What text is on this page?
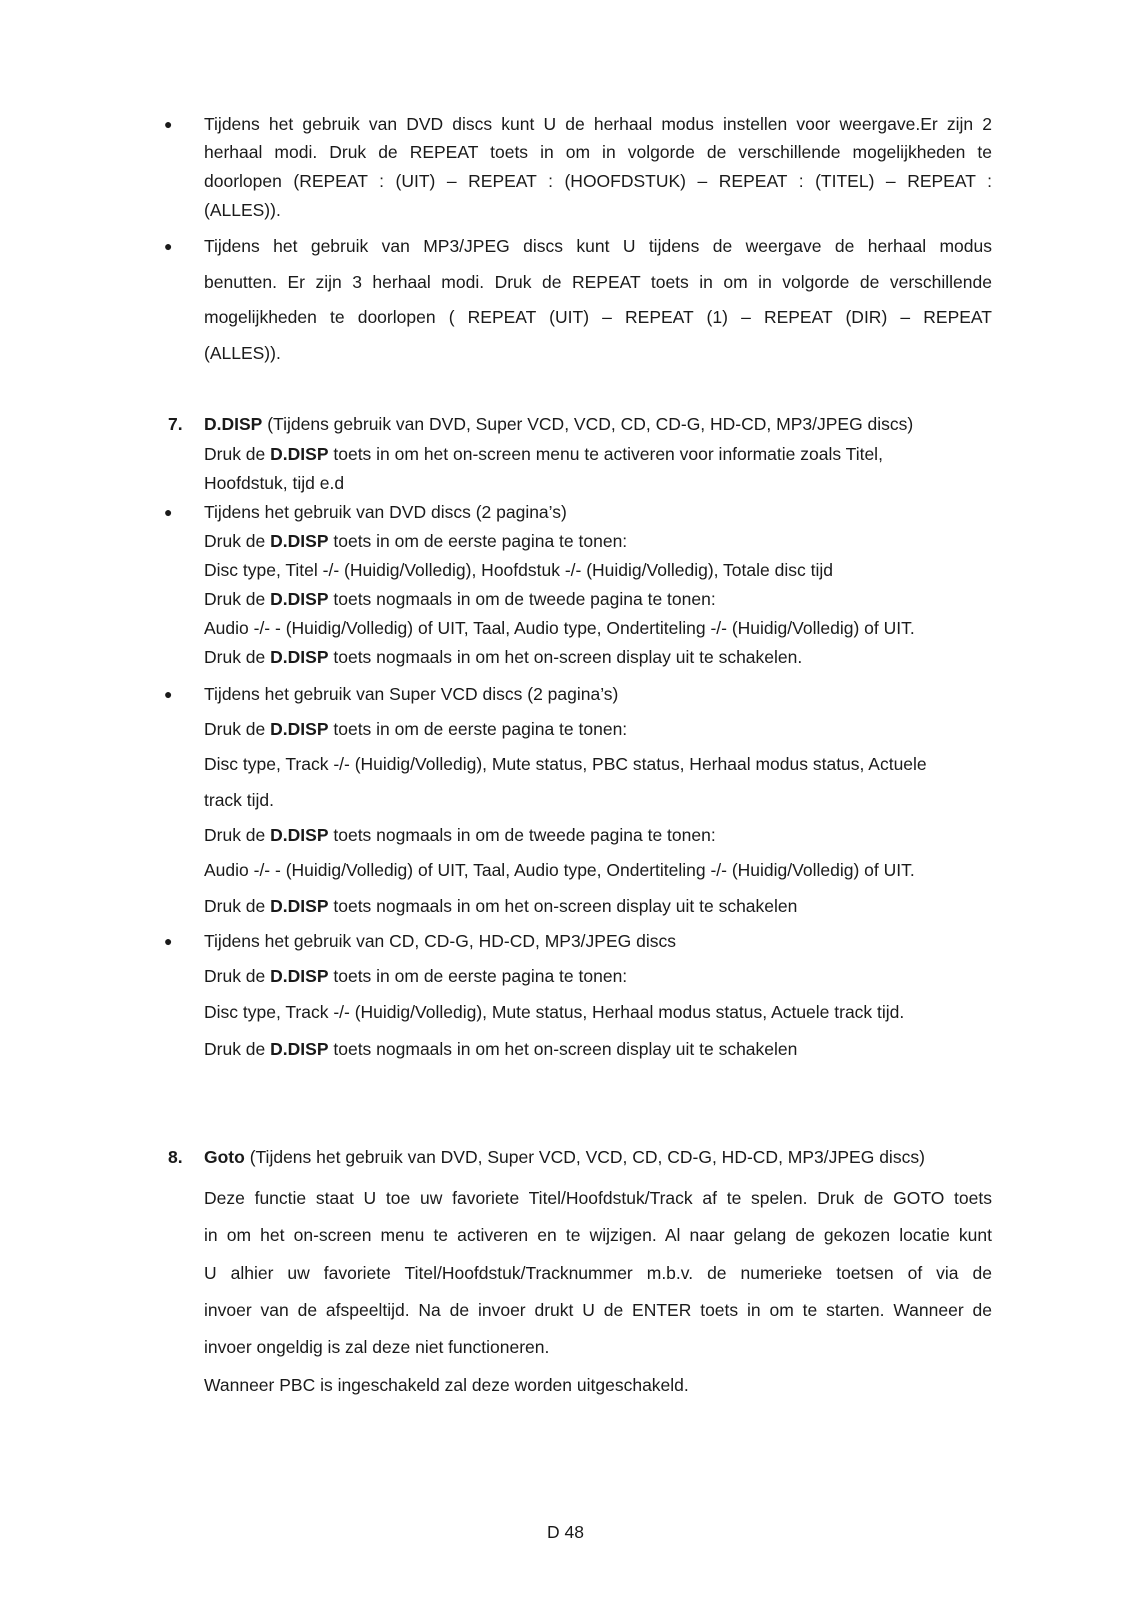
● Tijdens het gebruik van DVD discs kunt U de herhaal modus instellen voor weergave.Er zijn 2
herhaal modi. Druk de REPEAT toets in om in volgorde de verschillende mogelijkheden te
doorlopen (REPEAT : (UIT) – REPEAT : (HOOFDSTUK) – REPEAT : (TITEL) – REPEAT :
(ALLES)).
● Tijdens het gebruik van MP3/JPEG discs kunt U tijdens de weergave de herhaal modus
benutten. Er zijn 3 herhaal modi. Druk de REPEAT toets in om in volgorde de verschillende
mogelijkheden te doorlopen ( REPEAT (UIT) – REPEAT (1) – REPEAT (DIR) – REPEAT
(ALLES)).
7. D.DISP (Tijdens gebruik van DVD, Super VCD, VCD, CD, CD-G, HD-CD, MP3/JPEG discs)
Druk de D.DISP toets in om het on-screen menu te activeren voor informatie zoals Titel,
Hoofdstuk, tijd e.d
● Tijdens het gebruik van DVD discs (2 pagina’s)
Druk de D.DISP toets in om de eerste pagina te tonen:
Disc type, Titel -/- (Huidig/Volledig), Hoofdstuk -/- (Huidig/Volledig), Totale disc tijd
Druk de D.DISP toets nogmaals in om de tweede pagina te tonen:
Audio -/- - (Huidig/Volledig) of UIT, Taal, Audio type, Ondertiteling -/- (Huidig/Volledig) of UIT.
Druk de D.DISP toets nogmaals in om het on-screen display uit te schakelen.
● Tijdens het gebruik van Super VCD discs (2 pagina’s)
Druk de D.DISP toets in om de eerste pagina te tonen:
Disc type, Track -/- (Huidig/Volledig), Mute status, PBC status, Herhaal modus status, Actuele
track tijd.
Druk de D.DISP toets nogmaals in om de tweede pagina te tonen:
Audio -/- - (Huidig/Volledig) of UIT, Taal, Audio type, Ondertiteling -/- (Huidig/Volledig) of UIT.
Druk de D.DISP toets nogmaals in om het on-screen display uit te schakelen
● Tijdens het gebruik van CD, CD-G, HD-CD, MP3/JPEG discs
Druk de D.DISP toets in om de eerste pagina te tonen:
Disc type, Track -/- (Huidig/Volledig), Mute status, Herhaal modus status, Actuele track tijd.
Druk de D.DISP toets nogmaals in om het on-screen display uit te schakelen
8. Goto (Tijdens het gebruik van DVD, Super VCD, VCD, CD, CD-G, HD-CD, MP3/JPEG discs)
Deze functie staat U toe uw favoriete Titel/Hoofdstuk/Track af te spelen. Druk de GOTO toets
in om het on-screen menu te activeren en te wijzigen. Al naar gelang de gekozen locatie kunt
U alhier uw favoriete Titel/Hoofdstuk/Tracknummer m.b.v. de numerieke toetsen of via de
invoer van de afspeeltijd. Na de invoer drukt U de ENTER toets in om te starten. Wanneer de
invoer ongeldig is zal deze niet functioneren.
Wanneer PBC is ingeschakeld zal deze worden uitgeschakeld.
D 48
